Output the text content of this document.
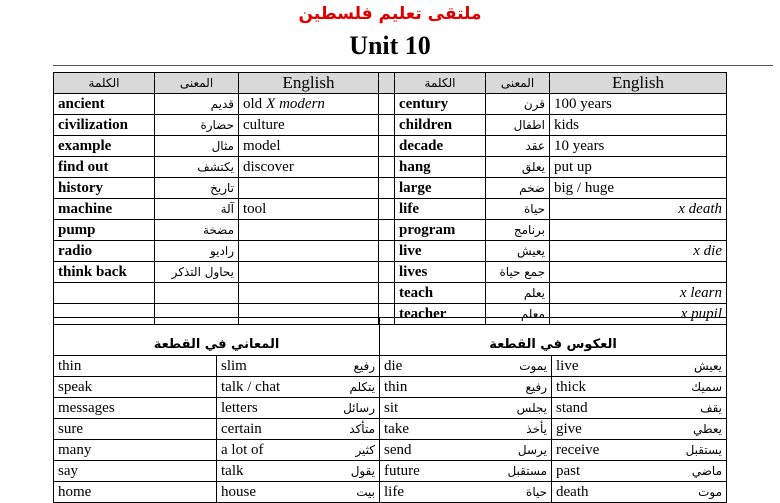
ملتقى تعليم فلسطين
Unit 10
الكلمة	المعنى	English		الكلمة	المعنى	English
ancient	قديم	old X modern		century	قرن	100 years

civilization	حضارة	culture		children	اطفال	kids

example	مثال	model		decade	عقد	10 years

find out	يكتشف	discover		hang	يعلق	put up

history	تاريخ			large	ضخم	big / huge

machine	آلة	tool		life	حياة	x death

pump	مضخة			program	برنامج	
radio	راديو			live	يعيش	x die

think back	يحاول التذكر			lives	جمع حياة	
				teach	يعلم	x learn

				teacher	معلم	x pupil
المعاني في القطعة		العكوس في القطعة	

thin	slim رفيع	die يموت	live يعيش

speak	talk / chat يتكلم	thin رفيع	thick سميك

messages	letters رسائل	sit يجلس	stand يقف

sure	certain متأكد	take يأخذ	give يعطي

many	a lot of كثير	send يرسل	receive يستقبل

say	talk يقول	future مستقبل	past ماضي

home	house بيت	life حياة	death موت
